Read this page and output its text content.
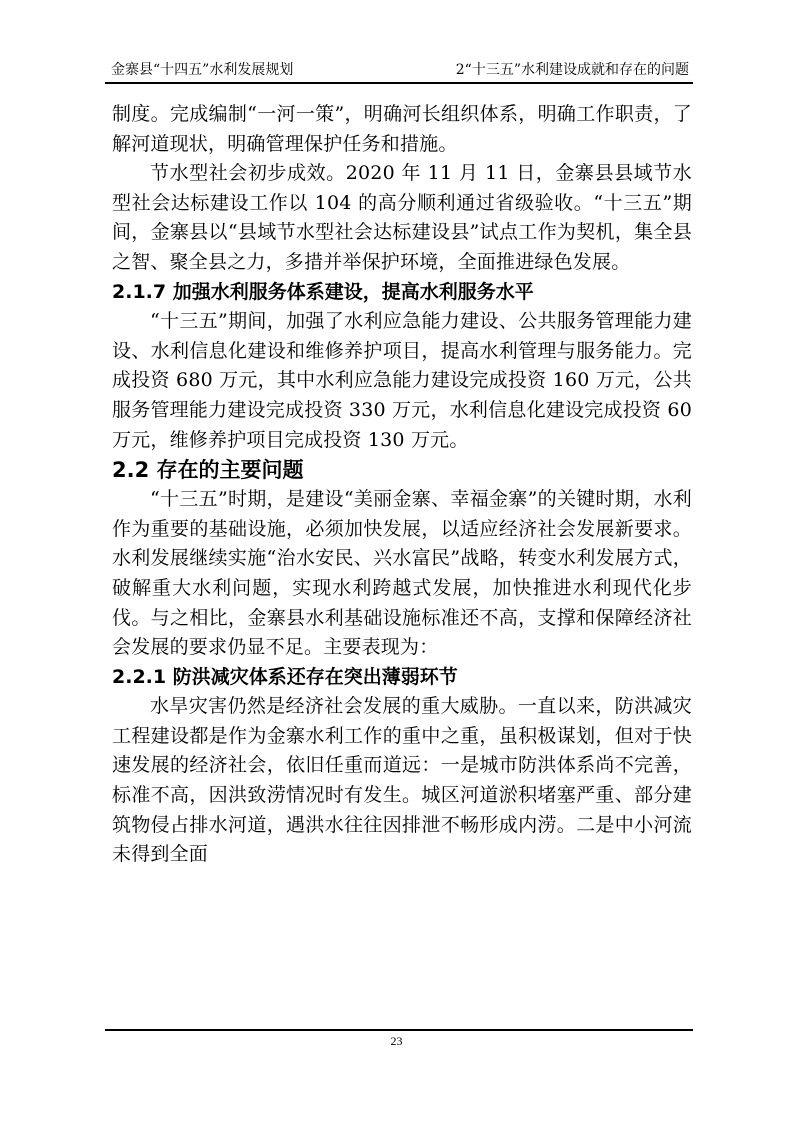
金寨县“十四五”水利发展规划	2“十三五”水利建设成就和存在的问题

制度。完成编制“一河一策”，明确河长组织体系，明确工作职责，了解河道现状，明确管理保护任务和措施。

节水型社会初步成效。2020 年 11 月 11 日，金寨县县域节水型社会达标建设工作以 104 的高分顺利通过省级验收。“十三五”期间，金寨县以“县域节水型社会达标建设县”试点工作为契机，集全县之智、聚全县之力，多措并举保护环境，全面推进绿色发展。

2.1.7 加强水利服务体系建设，提高水利服务水平

“十三五”期间，加强了水利应急能力建设、公共服务管理能力建设、水利信息化建设和维修养护项目，提高水利管理与服务能力。完成投资 680 万元，其中水利应急能力建设完成投资 160 万元，公共服务管理能力建设完成投资 330 万元，水利信息化建设完成投资 60 万元，维修养护项目完成投资 130 万元。

2.2 存在的主要问题

“十三五”时期，是建设“美丽金寨、幸福金寨”的关键时期，水利作为重要的基础设施，必须加快发展，以适应经济社会发展新要求。水利发展继续实施“治水安民、兴水富民”战略，转变水利发展方式，破解重大水利问题，实现水利跨越式发展，加快推进水利现代化步伐。与之相比，金寨县水利基础设施标准还不高，支撑和保障经济社会发展的要求仍显不足。主要表现为：

2.2.1 防洪减灾体系还存在突出薄弱环节

水旱灾害仍然是经济社会发展的重大威胁。一直以来，防洪减灾工程建设都是作为金寨水利工作的重中之重，虽积极谋划，但对于快速发展的经济社会，依旧任重而道远：一是城市防洪体系尚不完善，标准不高，因洪致涝情况时有发生。城区河道淤积堵塞严重、部分建筑物侵占排水河道，遇洪水往往因排泄不畅形成内涝。二是中小河流未得到全面

23
